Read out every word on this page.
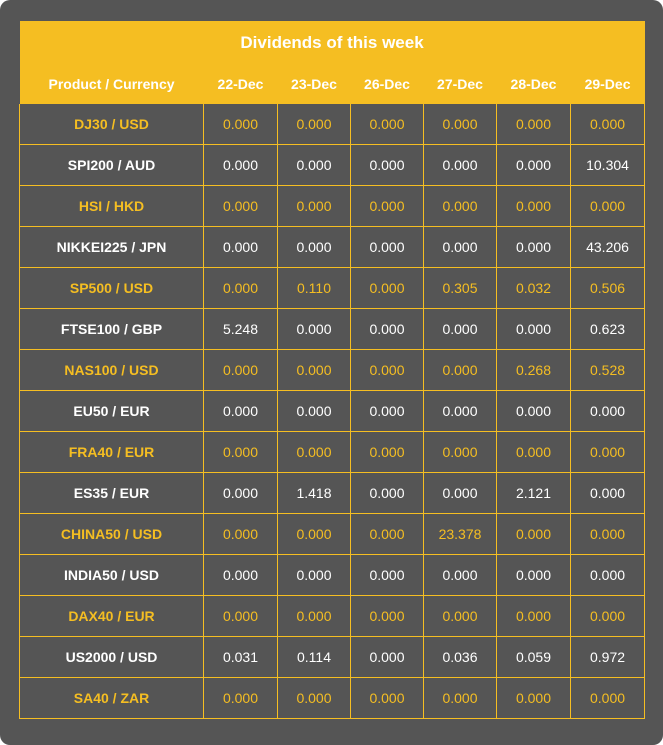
Dividends of this week						
Product / Currency	22-Dec	23-Dec	26-Dec	27-Dec	28-Dec	29-Dec
DJ30 / USD	0.000	0.000	0.000	0.000	0.000	0.000
SPI200 / AUD	0.000	0.000	0.000	0.000	0.000	10.304
HSI / HKD	0.000	0.000	0.000	0.000	0.000	0.000
NIKKEI225 / JPN	0.000	0.000	0.000	0.000	0.000	43.206
SP500 / USD	0.000	0.110	0.000	0.305	0.032	0.506
FTSE100 / GBP	5.248	0.000	0.000	0.000	0.000	0.623
NAS100 / USD	0.000	0.000	0.000	0.000	0.268	0.528
EU50 / EUR	0.000	0.000	0.000	0.000	0.000	0.000
FRA40 / EUR	0.000	0.000	0.000	0.000	0.000	0.000
ES35 / EUR	0.000	1.418	0.000	0.000	2.121	0.000
CHINA50 / USD	0.000	0.000	0.000	23.378	0.000	0.000
INDIA50 / USD	0.000	0.000	0.000	0.000	0.000	0.000
DAX40 / EUR	0.000	0.000	0.000	0.000	0.000	0.000
US2000 / USD	0.031	0.114	0.000	0.036	0.059	0.972
SA40 / ZAR	0.000	0.000	0.000	0.000	0.000	0.000
